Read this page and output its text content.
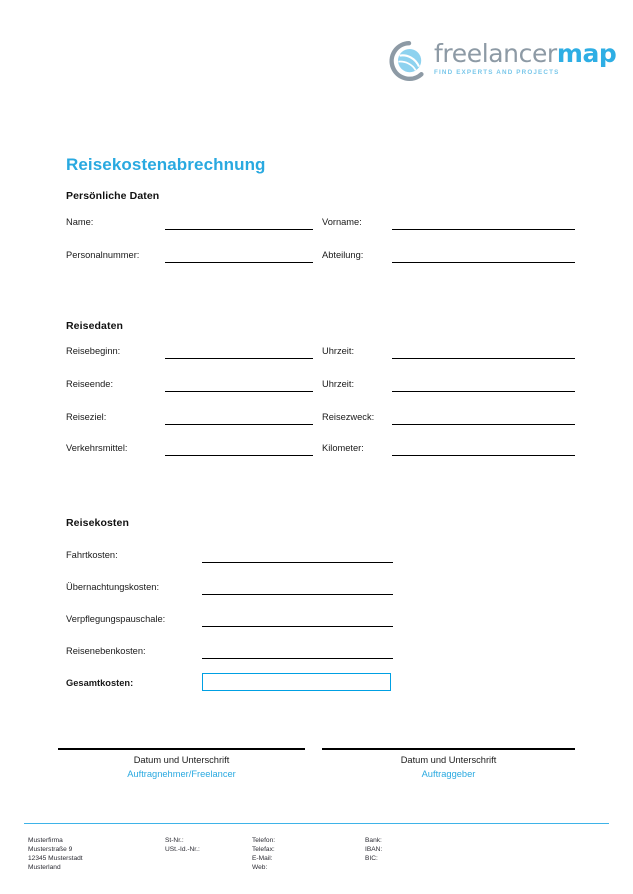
freelancermap
FIND EXPERTS AND PROJECTS
Reisekostenabrechnung
Persönliche Daten
Name:	Vorname:
Personalnummer:	Abteilung:
Reisedaten
Reisebeginn:	Uhrzeit:
Reiseende:	Uhrzeit:
Reiseziel:	Reisezweck:
Verkehrsmittel:	Kilometer:
Reisekosten
Fahrtkosten:
Übernachtungskosten:
Verpflegungspauschale:
Reisenebenkosten:
Gesamtkosten:
Datum und Unterschrift
Auftragnehmer/Freelancer
Datum und Unterschrift
Auftraggeber
Musterfirma
Musterstraße 9
12345 Musterstadt
Musterland
St-Nr.:
USt.-Id.-Nr.:
Telefon:
Telefax:
E-Mail:
Web:
Bank:
IBAN:
BIC:
